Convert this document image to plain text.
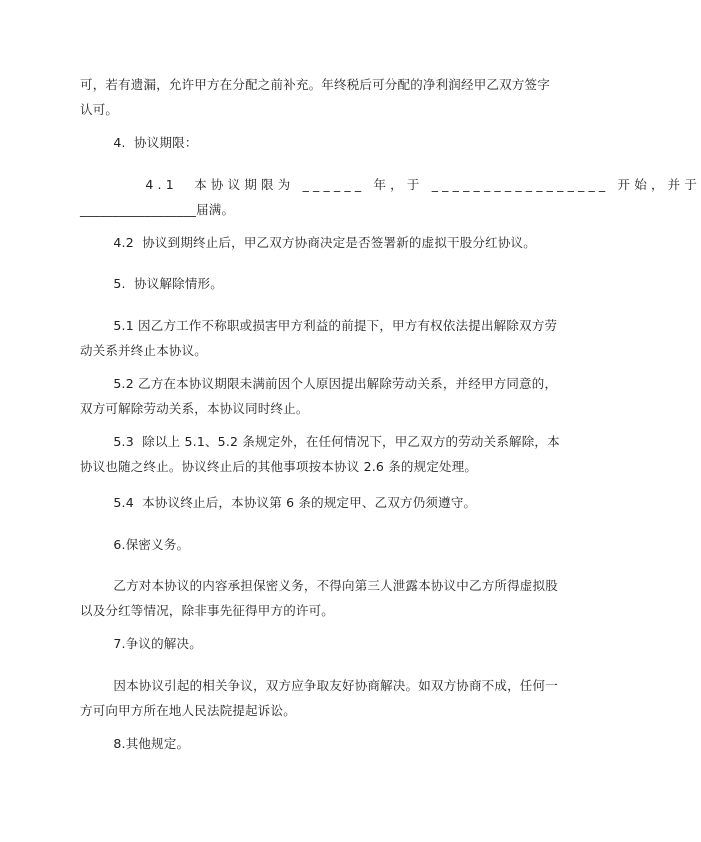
可，若有遗漏，允许甲方在分配之前补充。年终税后可分配的净利润经甲乙双方签字
认可。

4.  协议期限：

4.1  本协议期限为 ______ 年，于 _________________ 开始，并于
__________________届满。

4.2  协议到期终止后，甲乙双方协商决定是否签署新的虚拟干股分红协议。

5.  协议解除情形。

5.1 因乙方工作不称职或损害甲方利益的前提下，甲方有权依法提出解除双方劳
动关系并终止本协议。

5.2 乙方在本协议期限未满前因个人原因提出解除劳动关系，并经甲方同意的，
双方可解除劳动关系，本协议同时终止。

5.3  除以上 5.1、5.2 条规定外，在任何情况下，甲乙双方的劳动关系解除，本
协议也随之终止。协议终止后的其他事项按本协议 2.6 条的规定处理。

5.4  本协议终止后，本协议第 6 条的规定甲、乙双方仍须遵守。

6.保密义务。

乙方对本协议的内容承担保密义务，不得向第三人泄露本协议中乙方所得虚拟股
以及分红等情况，除非事先征得甲方的许可。

7.争议的解决。

因本协议引起的相关争议，双方应争取友好协商解决。如双方协商不成，任何一
方可向甲方所在地人民法院提起诉讼。

8.其他规定。
